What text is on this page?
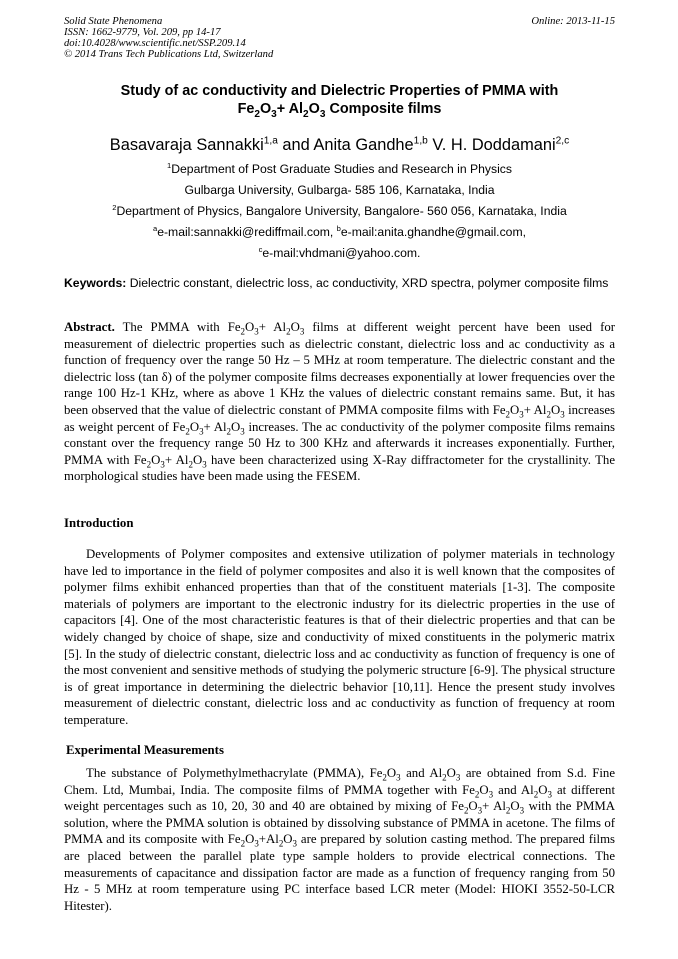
Solid State Phenomena
ISSN: 1662-9779, Vol. 209, pp 14-17
doi:10.4028/www.scientific.net/SSP.209.14
© 2014 Trans Tech Publications Ltd, Switzerland
Online: 2013-11-15
Study of ac conductivity and Dielectric Properties of PMMA with
$Fe_2O_3+ Al_2O_3$ Composite films
Basavaraja Sannakki$^{1,a}$ and Anita Gandhe$^{1,b}$ V. H. Doddamani$^{2,c}$
$^1$Department of Post Graduate Studies and Research in Physics
Gulbarga University, Gulbarga- 585 106, Karnataka, India
$^2$Department of Physics, Bangalore University, Bangalore- 560 056, Karnataka, India
$^a$e-mail:sannakki@rediffmail.com, $^b$e-mail:anita.ghandhe@gmail.com,
$^c$e-mail:vhdmani@yahoo.com.
Keywords: Dielectric constant, dielectric loss, ac conductivity, XRD spectra, polymer composite films
Abstract. The PMMA with $Fe_2O_3+ Al_2O_3$ films at different weight percent have been used for measurement of dielectric properties such as dielectric constant, dielectric loss and ac conductivity as a function of frequency over the range 50 Hz – 5 MHz at room temperature. The dielectric constant and the dielectric loss (tan δ) of the polymer composite films decreases exponentially at lower frequencies over the range 100 Hz-1 KHz, where as above 1 KHz the values of dielectric constant remains same. But, it has been observed that the value of dielectric constant of PMMA composite films with $Fe_2O_3+ Al_2O_3$ increases as weight percent of $Fe_2O_3+ Al_2O_3$ increases. The ac conductivity of the polymer composite films remains constant over the frequency range 50 Hz to 300 KHz and afterwards it increases exponentially. Further, PMMA with $Fe_2O_3+ Al_2O_3$ have been characterized using X-Ray diffractometer for the crystallinity. The morphological studies have been made using the FESEM.
Introduction
Developments of Polymer composites and extensive utilization of polymer materials in technology have led to importance in the field of polymer composites and also it is well known that the composites of polymer films exhibit enhanced properties than that of the constituent materials [1-3]. The composite materials of polymers are important to the electronic industry for its dielectric properties in the use of capacitors [4]. One of the most characteristic features is that of their dielectric properties and that can be widely changed by choice of shape, size and conductivity of mixed constituents in the polymeric matrix [5]. In the study of dielectric constant, dielectric loss and ac conductivity as function of frequency is one of the most convenient and sensitive methods of studying the polymeric structure [6-9]. The physical structure is of great importance in determining the dielectric behavior [10,11]. Hence the present study involves measurement of dielectric constant, dielectric loss and ac conductivity as function of frequency at room temperature.
Experimental Measurements
The substance of Polymethylmethacrylate (PMMA), $Fe_2O_3$ and $Al_2O_3$ are obtained from S.d. Fine Chem. Ltd, Mumbai, India. The composite films of PMMA together with $Fe_2O_3$ and $Al_2O_3$ at different weight percentages such as 10, 20, 30 and 40 are obtained by mixing of $Fe_2O_3+ Al_2O_3$ with the PMMA solution, where the PMMA solution is obtained by dissolving substance of PMMA in acetone. The films of PMMA and its composite with $Fe_2O_3+Al_2O_3$ are prepared by solution casting method. The prepared films are placed between the parallel plate type sample holders to provide electrical connections. The measurements of capacitance and dissipation factor are made as a function of frequency ranging from 50 Hz - 5 MHz at room temperature using PC interface based LCR meter (Model: HIOKI 3552-50-LCR Hitester).
